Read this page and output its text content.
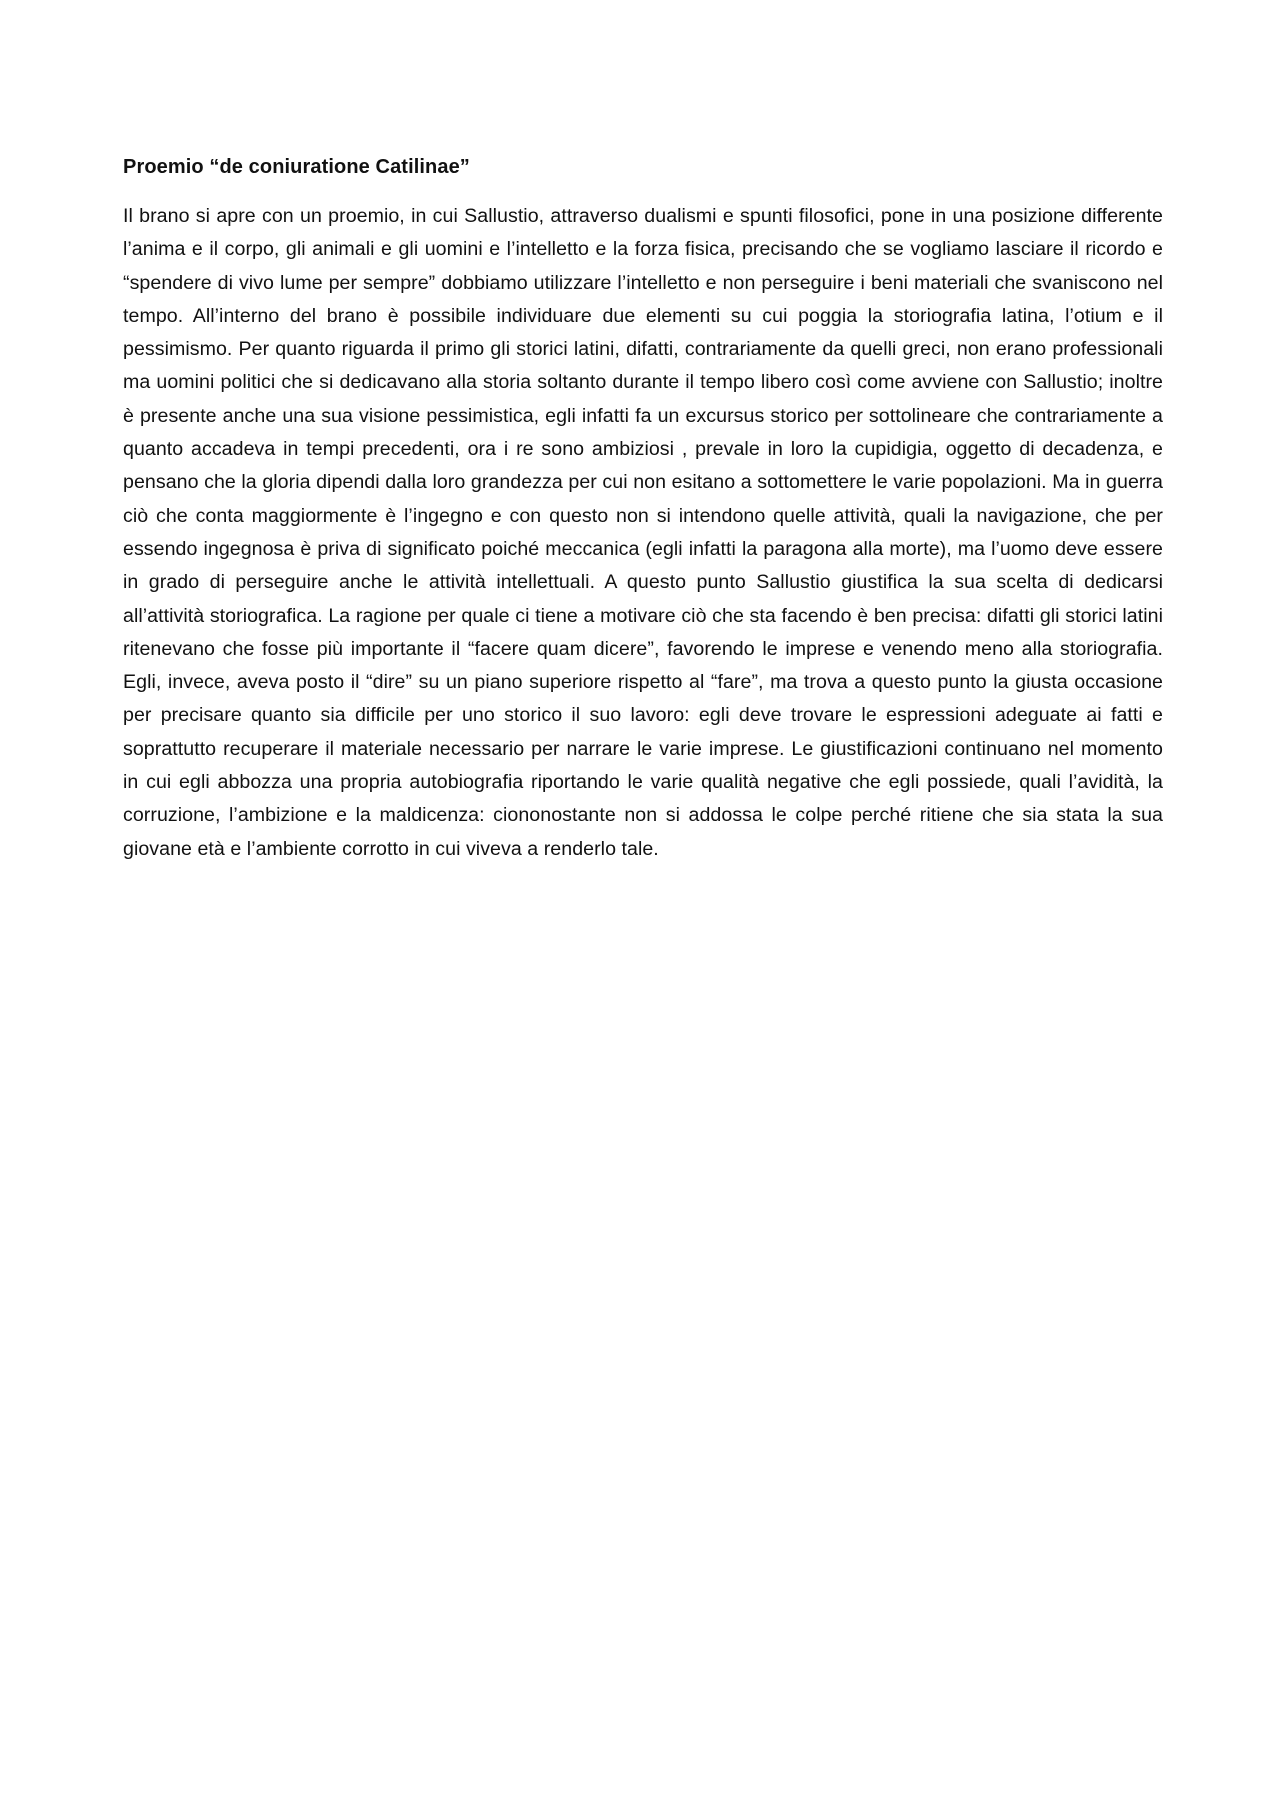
Proemio “de coniuratione Catilinae”

Il brano si apre con un proemio, in cui Sallustio, attraverso dualismi e spunti filosofici, pone in una posizione differente l’anima e il corpo, gli animali e gli uomini e l’intelletto e la forza fisica, precisando che se vogliamo lasciare il ricordo e “spendere di vivo lume per sempre” dobbiamo utilizzare l’intelletto e non perseguire i beni materiali che svaniscono nel tempo. All’interno del brano è possibile individuare due elementi su cui poggia la storiografia latina, l’otium e il pessimismo. Per quanto riguarda il primo gli storici latini, difatti, contrariamente da quelli greci, non erano professionali ma uomini politici che si dedicavano alla storia soltanto durante il tempo libero così come avviene con Sallustio; inoltre è presente anche una sua visione pessimistica, egli infatti fa un excursus storico per sottolineare che contrariamente a quanto accadeva in tempi precedenti, ora i re sono ambiziosi , prevale in loro la cupidigia, oggetto di decadenza, e pensano che la gloria dipendi dalla loro grandezza per cui non esitano a sottomettere le varie popolazioni. Ma in guerra ciò che conta maggiormente è l’ingegno e con questo non si intendono quelle attività, quali la navigazione, che per essendo ingegnosa è priva di significato poiché meccanica (egli infatti la paragona alla morte), ma l’uomo deve essere in grado di perseguire anche le attività intellettuali. A questo punto Sallustio giustifica la sua scelta di dedicarsi all’attività storiografica. La ragione per quale ci tiene a motivare ciò che sta facendo è ben precisa: difatti gli storici latini ritenevano che fosse più importante il “facere quam dicere”, favorendo le imprese e venendo meno alla storiografia. Egli, invece, aveva posto il “dire” su un piano superiore rispetto al “fare”, ma trova a questo punto la giusta occasione per precisare quanto sia difficile per uno storico il suo lavoro: egli deve trovare le espressioni adeguate ai fatti e soprattutto recuperare il materiale necessario per narrare le varie imprese. Le giustificazioni continuano nel momento in cui egli abbozza una propria autobiografia riportando le varie qualità negative che egli possiede, quali l’avidità, la corruzione, l’ambizione e la maldicenza: ciononostante non si addossa le colpe perché ritiene che sia stata la sua giovane età e l’ambiente corrotto in cui viveva a renderlo tale.
